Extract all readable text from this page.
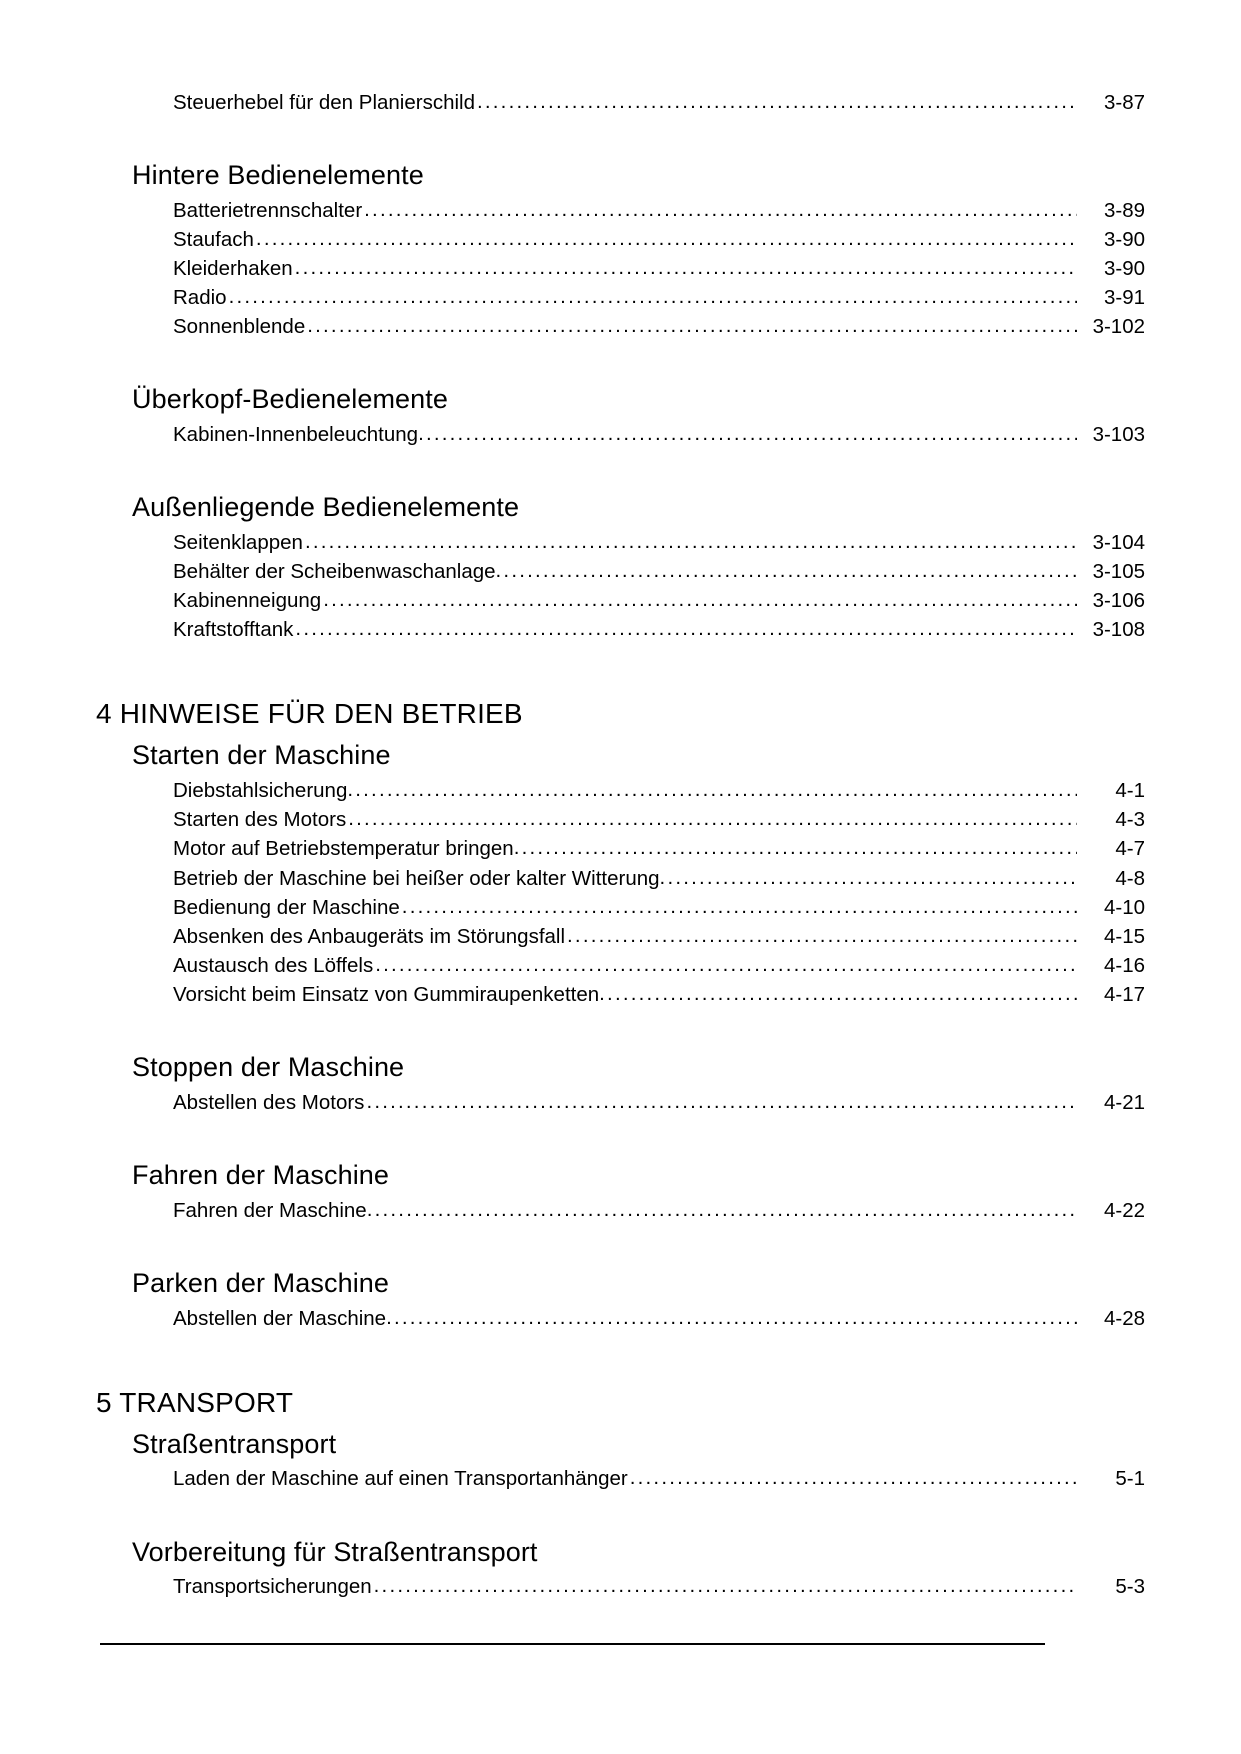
Steuerhebel für den Planierschild .....	3-87
Hintere Bedienelemente
Batterietrennschalter .....	3-89
Staufach .....	3-90
Kleiderhaken .....	3-90
Radio .....	3-91
Sonnenblende .....	3-102
Überkopf-Bedienelemente
Kabinen-Innenbeleuchtung .....	3-103
Außenliegende Bedienelemente
Seitenklappen .....	3-104
Behälter der Scheibenwaschanlage .....	3-105
Kabinenneigung .....	3-106
Kraftstofftank .....	3-108
4 HINWEISE FÜR DEN BETRIEB
Starten der Maschine
Diebstahlsicherung .....	4-1
Starten des Motors .....	4-3
Motor auf Betriebstemperatur bringen .....	4-7
Betrieb der Maschine bei heißer oder kalter Witterung .....	4-8
Bedienung der Maschine .....	4-10
Absenken des Anbaugeräts im Störungsfall .....	4-15
Austausch des Löffels .....	4-16
Vorsicht beim Einsatz von Gummiraupenketten .....	4-17
Stoppen der Maschine
Abstellen des Motors .....	4-21
Fahren der Maschine
Fahren der Maschine .....	4-22
Parken der Maschine
Abstellen der Maschine .....	4-28
5 TRANSPORT
Straßentransport
Laden der Maschine auf einen Transportanhänger .....	5-1
Vorbereitung für Straßentransport
Transportsicherungen .....	5-3
